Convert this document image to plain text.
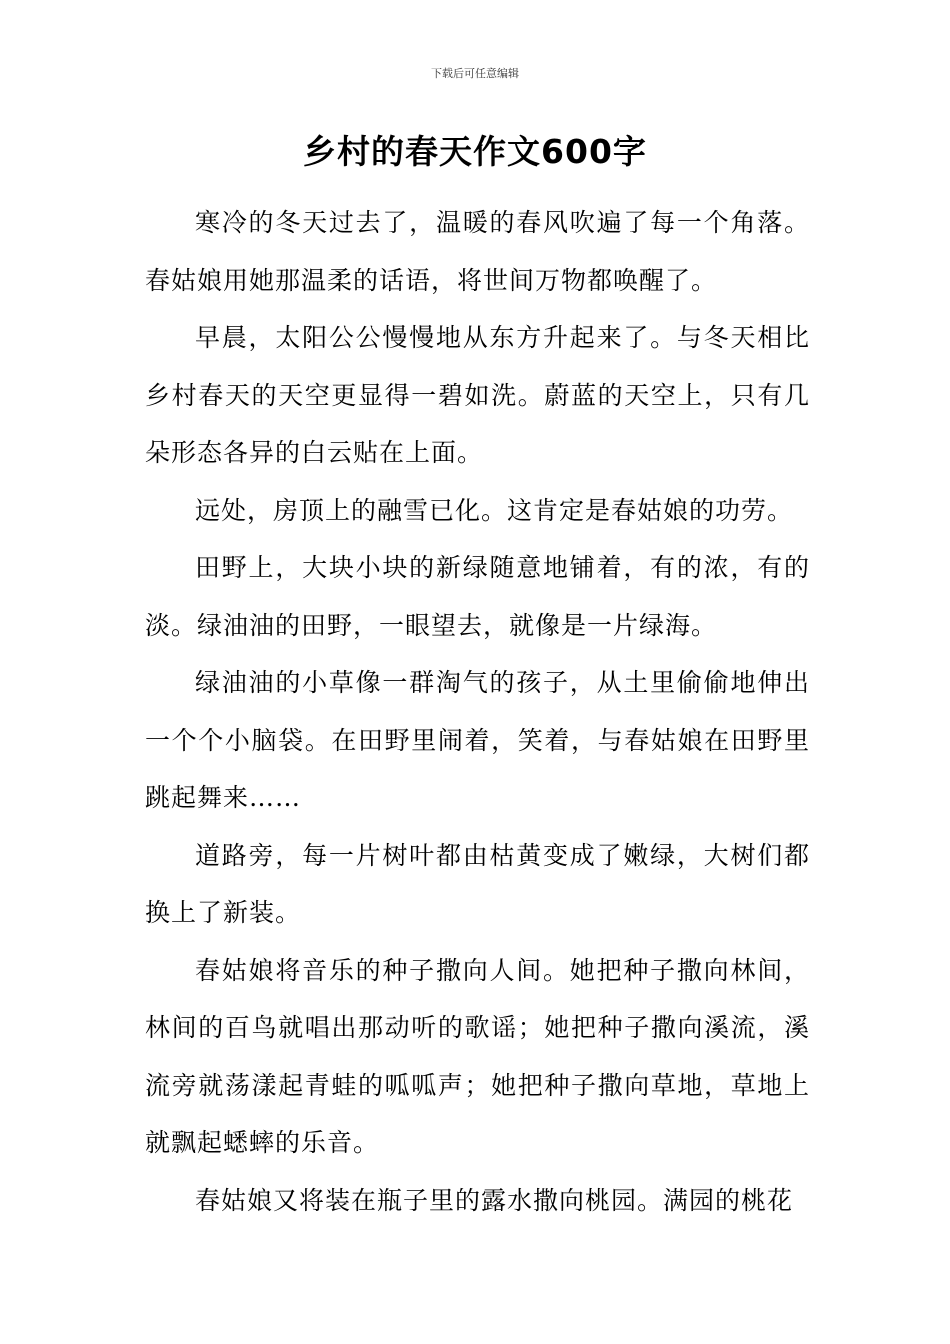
下载后可任意编辑
乡村的春天作文600字

寒冷的冬天过去了，温暖的春风吹遍了每一个角落。春姑娘用她那温柔的话语，将世间万物都唤醒了。

早晨，太阳公公慢慢地从东方升起来了。与冬天相比乡村春天的天空更显得一碧如洗。蔚蓝的天空上，只有几朵形态各异的白云贴在上面。

远处，房顶上的融雪已化。这肯定是春姑娘的功劳。

田野上，大块小块的新绿随意地铺着，有的浓，有的淡。绿油油的田野，一眼望去，就像是一片绿海。

绿油油的小草像一群淘气的孩子，从土里偷偷地伸出一个个小脑袋。在田野里闹着，笑着，与春姑娘在田野里跳起舞来……

道路旁，每一片树叶都由枯黄变成了嫩绿，大树们都换上了新装。

春姑娘将音乐的种子撒向人间。她把种子撒向林间，林间的百鸟就唱出那动听的歌谣；她把种子撒向溪流，溪流旁就荡漾起青蛙的呱呱声；她把种子撒向草地，草地上就飘起蟋蟀的乐音。

春姑娘又将装在瓶子里的露水撒向桃园。满园的桃花
